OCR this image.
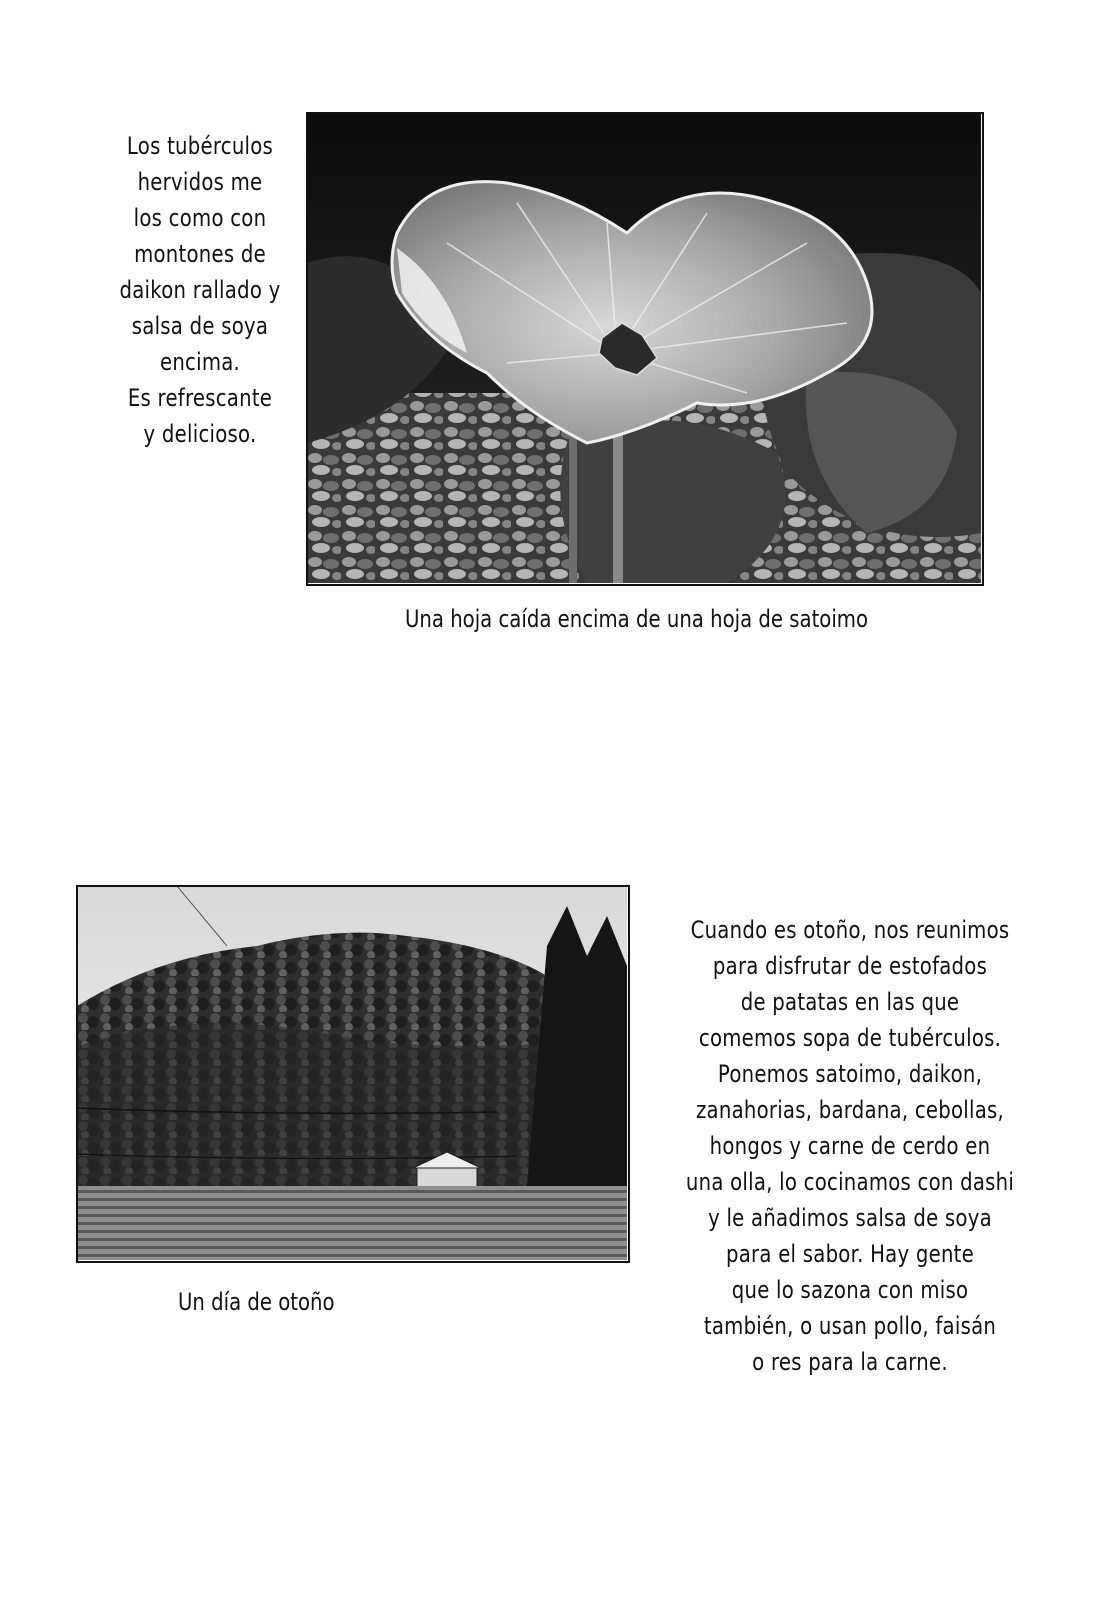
Los tubérculos
hervidos me
los como con
montones de
daikon rallado y
salsa de soya
encima.
Es refrescante
y delicioso.
Una hoja caída encima de una hoja de satoimo
Un día de otoño
Cuando es otoño, nos reunimos
para disfrutar de estofados
de patatas en las que
comemos sopa de tubérculos.
Ponemos satoimo, daikon,
zanahorias, bardana, cebollas,
hongos y carne de cerdo en
una olla, lo cocinamos con dashi
y le añadimos salsa de soya
para el sabor. Hay gente
que lo sazona con miso
también, o usan pollo, faisán
o res para la carne.
